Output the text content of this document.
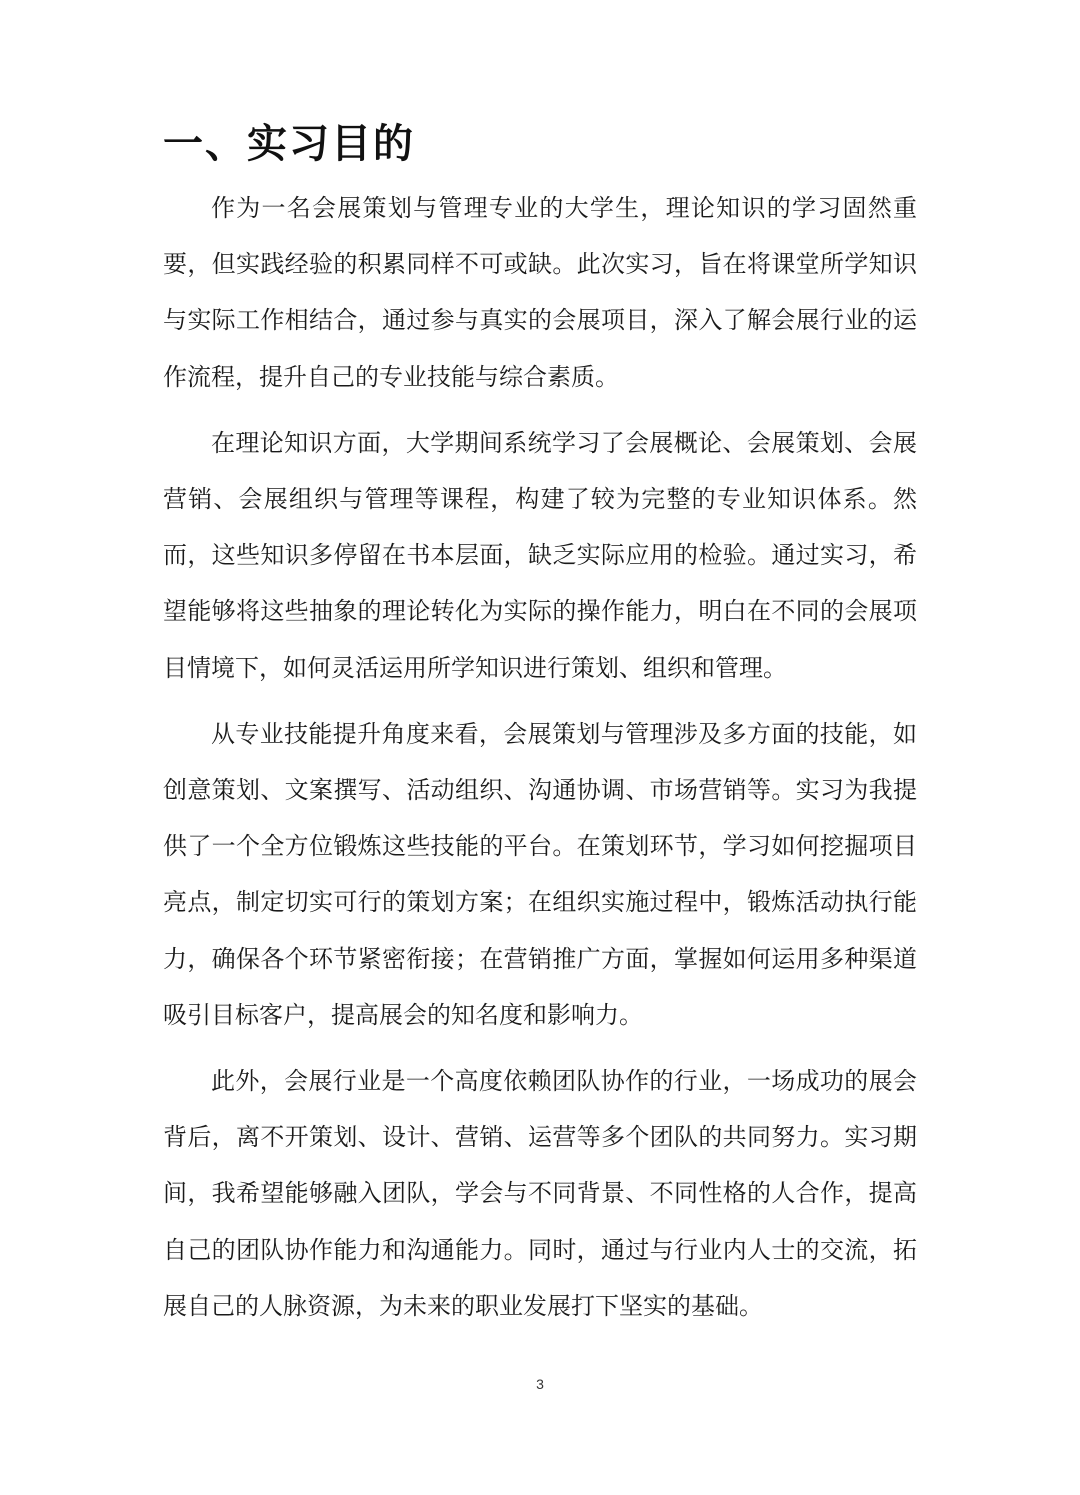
一、实习目的

作为一名会展策划与管理专业的大学生，理论知识的学习固然重要，但实践经验的积累同样不可或缺。此次实习，旨在将课堂所学知识与实际工作相结合，通过参与真实的会展项目，深入了解会展行业的运作流程，提升自己的专业技能与综合素质。

在理论知识方面，大学期间系统学习了会展概论、会展策划、会展营销、会展组织与管理等课程，构建了较为完整的专业知识体系。然而，这些知识多停留在书本层面，缺乏实际应用的检验。通过实习，希望能够将这些抽象的理论转化为实际的操作能力，明白在不同的会展项目情境下，如何灵活运用所学知识进行策划、组织和管理。

从专业技能提升角度来看，会展策划与管理涉及多方面的技能，如创意策划、文案撰写、活动组织、沟通协调、市场营销等。实习为我提供了一个全方位锻炼这些技能的平台。在策划环节，学习如何挖掘项目亮点，制定切实可行的策划方案；在组织实施过程中，锻炼活动执行能力，确保各个环节紧密衔接；在营销推广方面，掌握如何运用多种渠道吸引目标客户，提高展会的知名度和影响力。

此外，会展行业是一个高度依赖团队协作的行业，一场成功的展会背后，离不开策划、设计、营销、运营等多个团队的共同努力。实习期间，我希望能够融入团队，学会与不同背景、不同性格的人合作，提高自己的团队协作能力和沟通能力。同时，通过与行业内人士的交流，拓展自己的人脉资源，为未来的职业发展打下坚实的基础。

3
